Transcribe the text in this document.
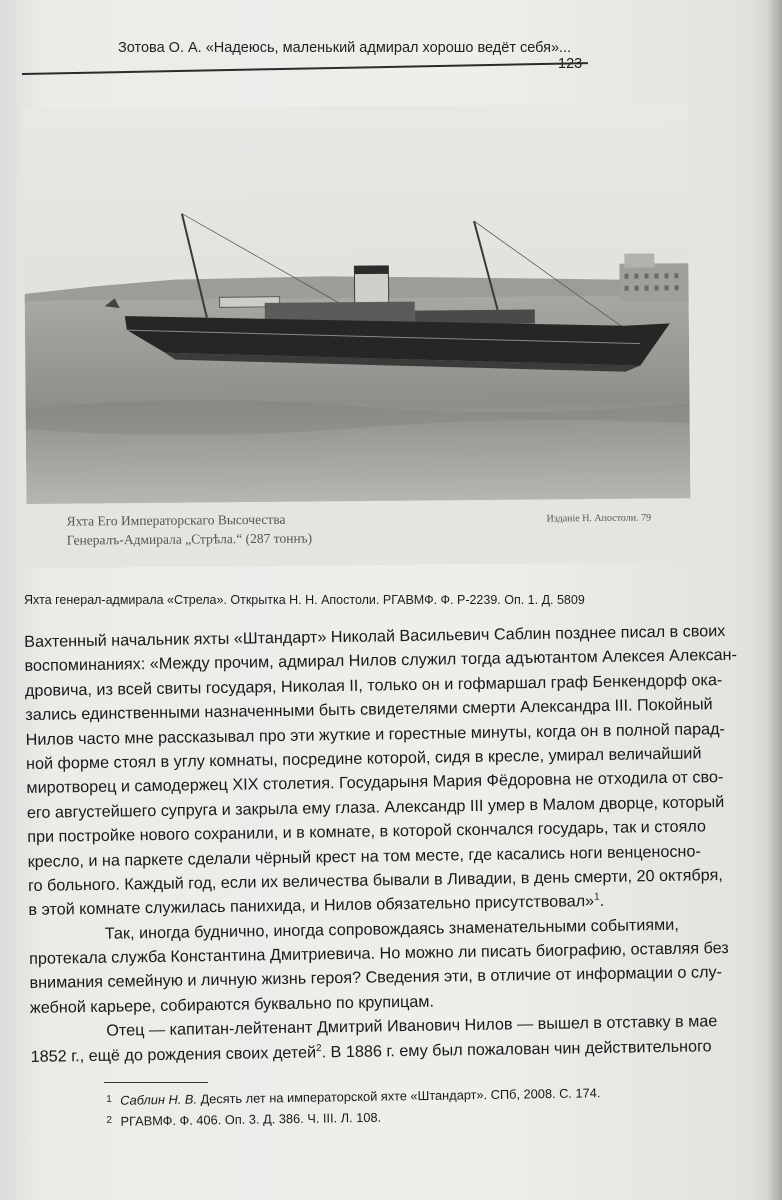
Зотова О. А. «Надеюсь, маленький адмирал хорошо ведёт себя»...
Яхта Его Императорскаго Высочества
Генералъ-Адмирала „Стрѣла.“ (287 тоннъ)
Изданiе Н. Апостоли. 79
Яхта генерал-адмирала «Стрела». Открытка Н. Н. Апостоли. РГАВМФ. Ф. Р-2239. Оп. 1. Д. 5809
Вахтенный начальник яхты «Штандарт» Николай Васильевич Саблин позднее писал в своих
воспоминаниях: «Между прочим, адмирал Нилов служил тогда адъютантом Алексея Алексан-
дровича, из всей свиты государя, Николая II, только он и гофмаршал граф Бенкендорф ока-
зались единственными назначенными быть свидетелями смерти Александра III. Покойный
Нилов часто мне рассказывал про эти жуткие и горестные минуты, когда он в полной парад-
ной форме стоял в углу комнаты, посредине которой, сидя в кресле, умирал величайший
миротворец и самодержец XIX столетия. Государыня Мария Фёдоровна не отходила от сво-
его августейшего супруга и закрыла ему глаза. Александр III умер в Малом дворце, который
при постройке нового сохранили, и в комнате, в которой скончался государь, так и стояло
кресло, и на паркете сделали чёрный крест на том месте, где касались ноги венценосно-
го больного. Каждый год, если их величества бывали в Ливадии, в день смерти, 20 октября,
в этой комнате служилась панихида, и Нилов обязательно присутствовал»$^1$.
Так, иногда буднично, иногда сопровождаясь знаменательными событиями,
протекала служба Константина Дмитриевича. Но можно ли писать биографию, оставляя без
внимания семейную и личную жизнь героя? Сведения эти, в отличие от информации о слу-
жебной карьере, собираются буквально по крупицам.
Отец — капитан-лейтенант Дмитрий Иванович Нилов — вышел в отставку в мае
1852 г., ещё до рождения своих детей$^2$. В 1886 г. ему был пожалован чин действительного
1 Саблин Н. В. Десять лет на императорской яхте «Штандарт». СПб, 2008. С. 174.
2 РГАВМФ. Ф. 406. Оп. 3. Д. 386. Ч. III. Л. 108.
